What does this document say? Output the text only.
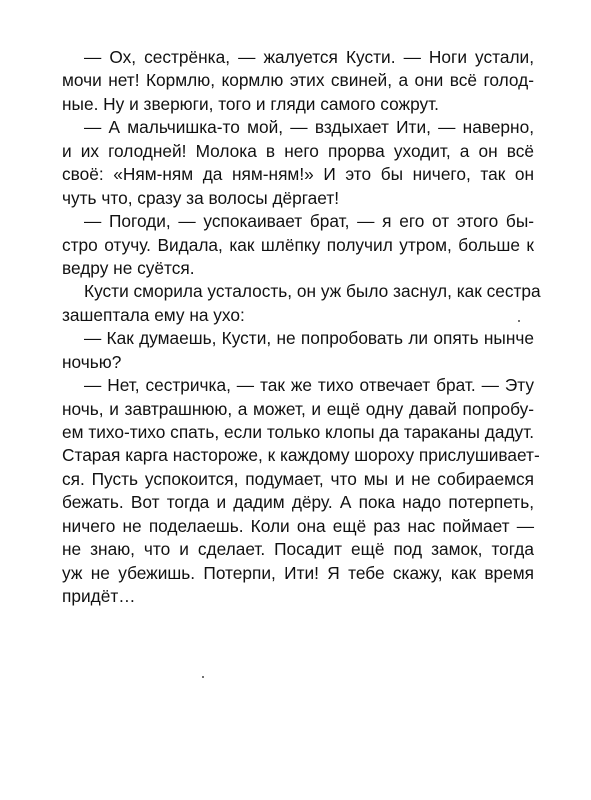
— Ох, сестрёнка, — жалуется Кусти. — Ноги устали,
мочи нет! Кормлю, кормлю этих свиней, а они всё голод-
ные. Ну и зверюги, того и гляди самого сожрут.
— А мальчишка-то мой, — вздыхает Ити, — наверно,
и их голодней! Молока в него прорва уходит, а он всё
своё: «Ням-ням да ням-ням!» И это бы ничего, так он
чуть что, сразу за волосы дёргает!
— Погоди, — успокаивает брат, — я его от этого бы-
стро отучу. Видала, как шлёпку получил утром, больше к
ведру не суётся.
Кусти сморила усталость, он уж было заснул, как сестра
зашептала ему на ухо:
— Как думаешь, Кусти, не попробовать ли опять нынче
ночью?
— Нет, сестричка, — так же тихо отвечает брат. — Эту
ночь, и завтрашнюю, а может, и ещё одну давай попробу-
ем тихо-тихо спать, если только клопы да тараканы дадут.
Старая карга настороже, к каждому шороху прислушивает-
ся. Пусть успокоится, подумает, что мы и не собираемся
бежать. Вот тогда и дадим дёру. А пока надо потерпеть,
ничего не поделаешь. Коли она ещё раз нас поймает —
не знаю, что и сделает. Посадит ещё под замок, тогда
уж не убежишь. Потерпи, Ити! Я тебе скажу, как время
придёт…
